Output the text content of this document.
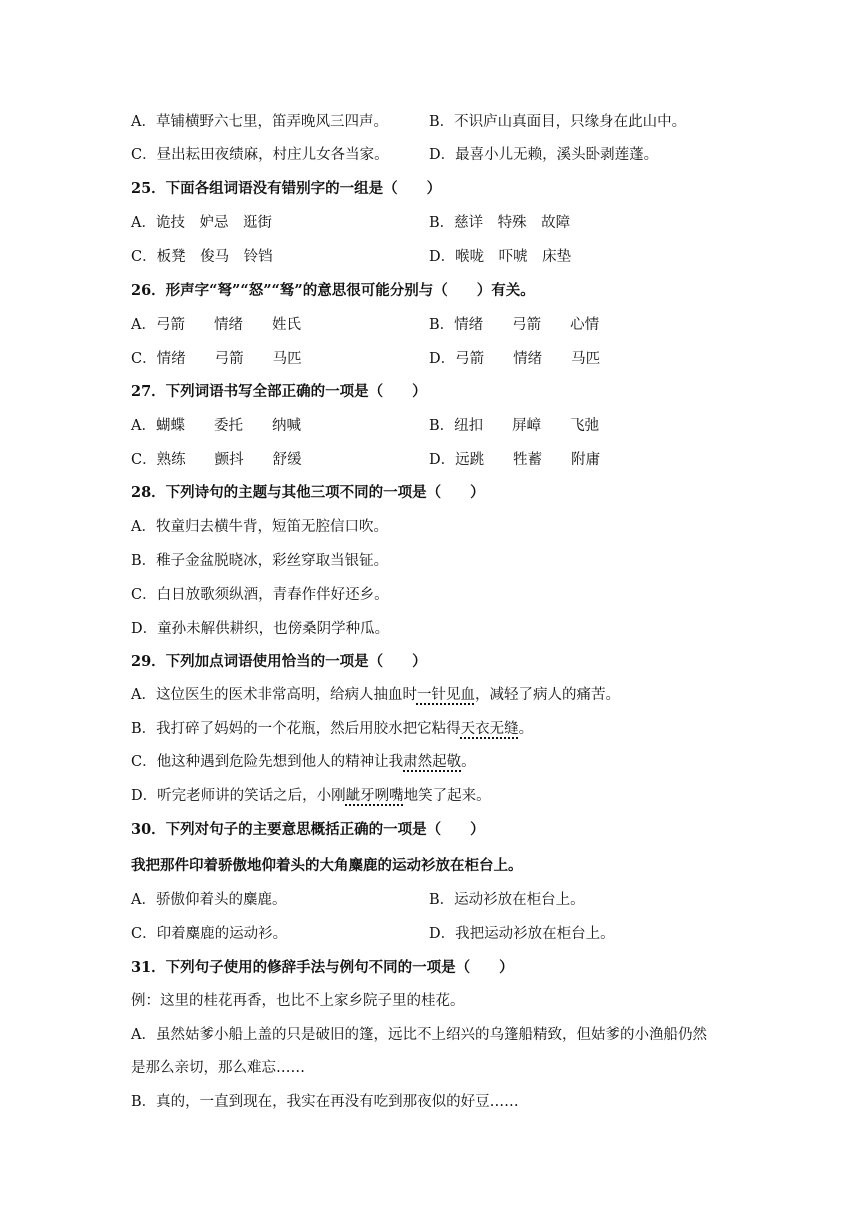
A．草铺横野六七里，笛弄晚风三四声。	B．不识庐山真面目，只缘身在此山中。
C．昼出耘田夜绩麻，村庄儿女各当家。	D．最喜小儿无赖，溪头卧剥莲蓬。
25．下面各组词语没有错别字的一组是（　　）
A．诡技　妒忌　逛街	B．慈详　特殊　故障
C．板凳　俊马　铃铛	D．喉咙　吓唬　床垫
26．形声字“弩”“怒”“驽”的意思很可能分别与（　　）有关。
A．弓箭　　情绪　　姓氏	B．情绪　　弓箭　　心情
C．情绪　　弓箭　　马匹	D．弓箭　　情绪　　马匹
27．下列词语书写全部正确的一项是（　　）
A．蝴蝶　　委托　　纳喊	B．纽扣　　屏嶂　　飞弛
C．熟练　　颤抖　　舒缓	D．远跳　　牲蓄　　附庸
28．下列诗句的主题与其他三项不同的一项是（　　）
A．牧童归去横牛背，短笛无腔信口吹。
B．稚子金盆脱晓冰，彩丝穿取当银钲。
C．白日放歌须纵酒，青春作伴好还乡。
D．童孙未解供耕织，也傍桑阴学种瓜。
29．下列加点词语使用恰当的一项是（　　）
A．这位医生的医术非常高明，给病人抽血时一针见血，减轻了病人的痛苦。
B．我打碎了妈妈的一个花瓶，然后用胶水把它粘得天衣无缝。
C．他这种遇到危险先想到他人的精神让我肃然起敬。
D．听完老师讲的笑话之后，小刚龇牙咧嘴地笑了起来。
30．下列对句子的主要意思概括正确的一项是（　　）
我把那件印着骄傲地仰着头的大角麋鹿的运动衫放在柜台上。
A．骄傲仰着头的麋鹿。	B．运动衫放在柜台上。
C．印着麋鹿的运动衫。	D．我把运动衫放在柜台上。
31．下列句子使用的修辞手法与例句不同的一项是（　　）
例：这里的桂花再香，也比不上家乡院子里的桂花。
A．虽然姑爹小船上盖的只是破旧的篷，远比不上绍兴的乌篷船精致，但姑爹的小渔船仍然
是那么亲切，那么难忘……
B．真的，一直到现在，我实在再没有吃到那夜似的好豆……
